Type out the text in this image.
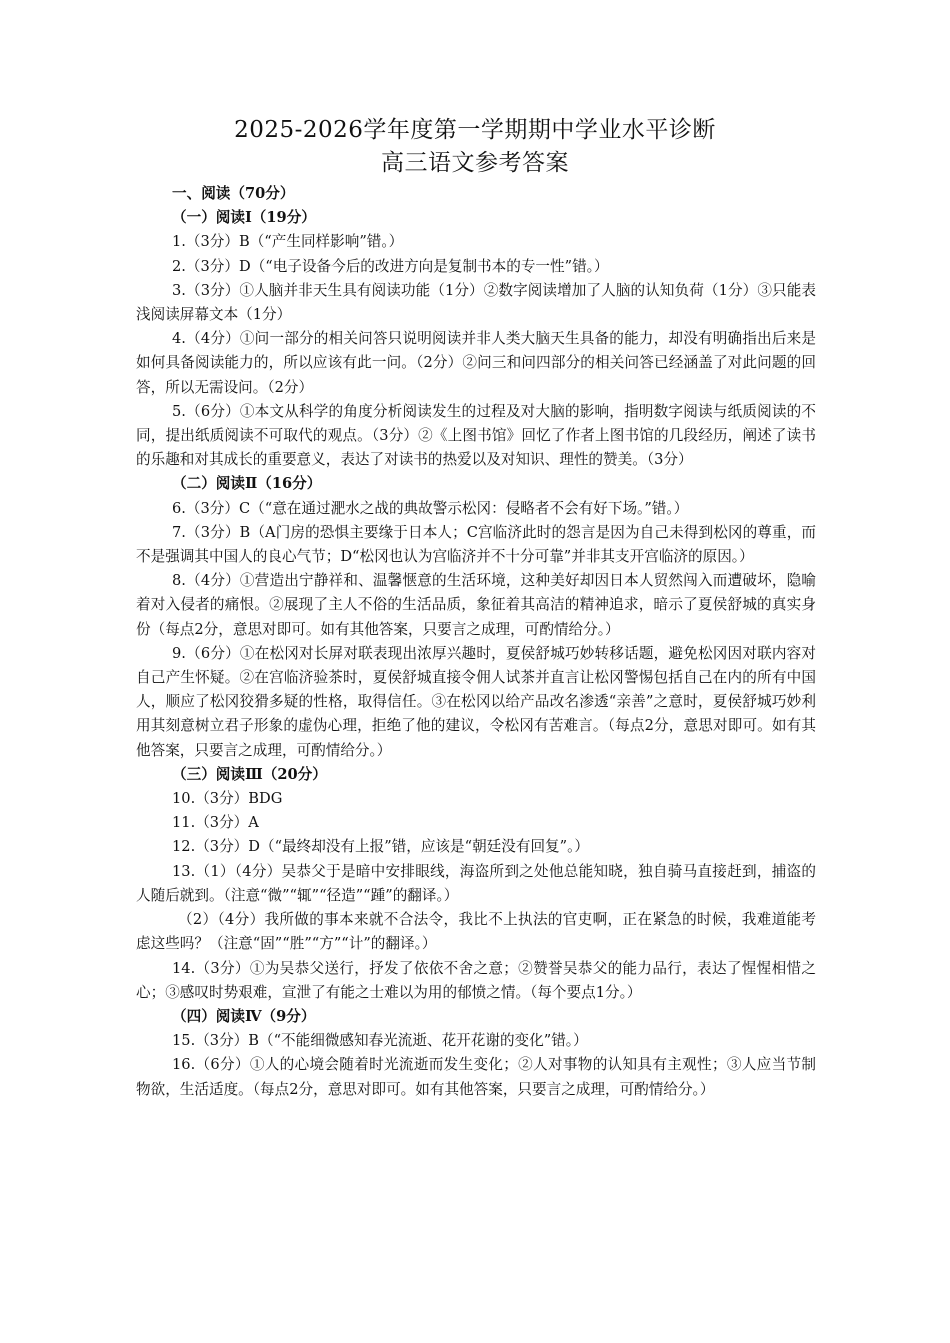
2025-2026学年度第一学期期中学业水平诊断
高三语文参考答案

一、阅读（70分）

（一）阅读Ⅰ（19分）

1.（3分）B（“产生同样影响”错。）

2.（3分）D（“电子设备今后的改进方向是复制书本的专一性”错。）

3.（3分）①人脑并非天生具有阅读功能（1分）②数字阅读增加了人脑的认知负荷（1分）③只能表浅阅读屏幕文本（1分）

4.（4分）①问一部分的相关问答只说明阅读并非人类大脑天生具备的能力，却没有明确指出后来是如何具备阅读能力的，所以应该有此一问。（2分）②问三和问四部分的相关问答已经涵盖了对此问题的回答，所以无需设问。（2分）

5.（6分）①本文从科学的角度分析阅读发生的过程及对大脑的影响，指明数字阅读与纸质阅读的不同，提出纸质阅读不可取代的观点。（3分）②《上图书馆》回忆了作者上图书馆的几段经历，阐述了读书的乐趣和对其成长的重要意义，表达了对读书的热爱以及对知识、理性的赞美。（3分）

（二）阅读Ⅱ（16分）

6.（3分）C（“意在通过淝水之战的典故警示松冈：侵略者不会有好下场。”错。）

7.（3分）B（A门房的恐惧主要缘于日本人；C宫临济此时的怨言是因为自己未得到松冈的尊重，而不是强调其中国人的良心气节；D“松冈也认为宫临济并不十分可靠”并非其支开宫临济的原因。）

8.（4分）①营造出宁静祥和、温馨惬意的生活环境，这种美好却因日本人贸然闯入而遭破坏，隐喻着对入侵者的痛恨。②展现了主人不俗的生活品质，象征着其高洁的精神追求，暗示了夏侯舒城的真实身份（每点2分，意思对即可。如有其他答案，只要言之成理，可酌情给分。）

9.（6分）①在松冈对长屏对联表现出浓厚兴趣时，夏侯舒城巧妙转移话题，避免松冈因对联内容对自己产生怀疑。②在宫临济验茶时，夏侯舒城直接令佣人试茶并直言让松冈警惕包括自己在内的所有中国人，顺应了松冈狡猾多疑的性格，取得信任。③在松冈以给产品改名渗透“亲善”之意时，夏侯舒城巧妙利用其刻意树立君子形象的虚伪心理，拒绝了他的建议，令松冈有苦难言。（每点2分，意思对即可。如有其他答案，只要言之成理，可酌情给分。）

（三）阅读Ⅲ（20分）

10.（3分）BDG

11.（3分）A

12.（3分）D（“最终却没有上报”错，应该是“朝廷没有回复”。）

13.（1）（4分）吴恭父于是暗中安排眼线，海盗所到之处他总能知晓，独自骑马直接赶到，捕盗的人随后就到。（注意“微”“辄”“径造”“踵”的翻译。）

（2）（4分）我所做的事本来就不合法令，我比不上执法的官吏啊，正在紧急的时候，我难道能考虑这些吗？（注意“固”“胜”“方”“计”的翻译。）

14.（3分）①为吴恭父送行，抒发了依依不舍之意；②赞誉吴恭父的能力品行，表达了惺惺相惜之心；③感叹时势艰难，宣泄了有能之士难以为用的郁愤之情。（每个要点1分。）

（四）阅读Ⅳ（9分）

15.（3分）B（“不能细微感知春光流逝、花开花谢的变化”错。）

16.（6分）①人的心境会随着时光流逝而发生变化；②人对事物的认知具有主观性；③人应当节制物欲，生活适度。（每点2分，意思对即可。如有其他答案，只要言之成理，可酌情给分。）
